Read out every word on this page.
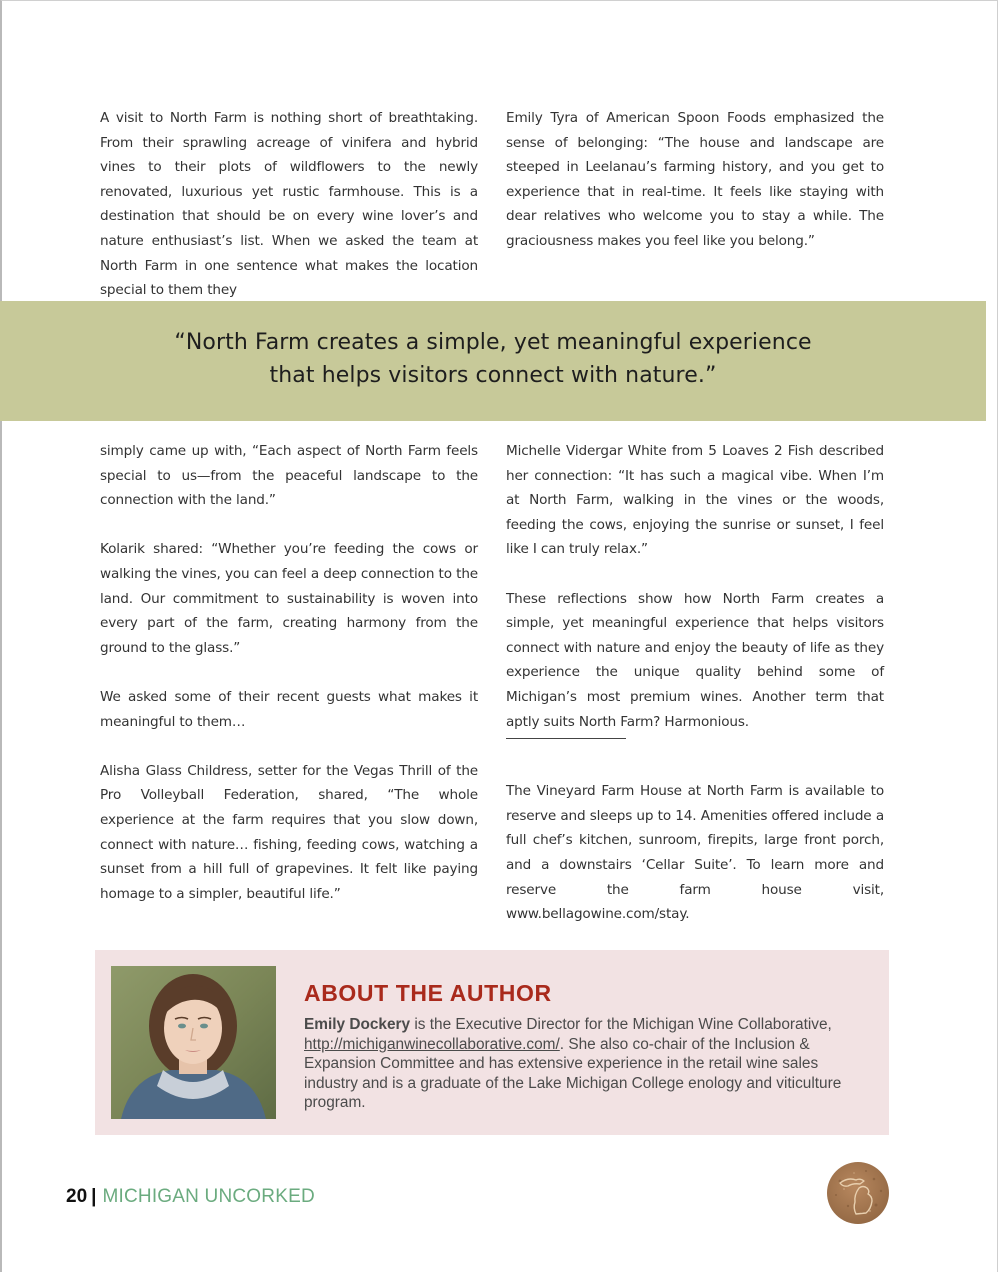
A visit to North Farm is nothing short of breathtaking. From their sprawling acreage of vinifera and hybrid vines to their plots of wildflowers to the newly renovated, luxurious yet rustic farmhouse. This is a destination that should be on every wine lover’s and nature enthusiast’s list. When we asked the team at North Farm in one sentence what makes the location special to them they

Emily Tyra of American Spoon Foods emphasized the sense of belonging: “The house and landscape are steeped in Leelanau’s farming history, and you get to experience that in real-time. It feels like staying with dear relatives who welcome you to stay a while. The graciousness makes you feel like you belong.”

“North Farm creates a simple, yet meaningful experience
that helps visitors connect with nature.”

simply came up with, “Each aspect of North Farm feels special to us—from the peaceful landscape to the connection with the land.”

Kolarik shared: “Whether you’re feeding the cows or walking the vines, you can feel a deep connection to the land. Our commitment to sustainability is woven into every part of the farm, creating harmony from the ground to the glass.”

We asked some of their recent guests what makes it meaningful to them…

Alisha Glass Childress, setter for the Vegas Thrill of the Pro Volleyball Federation, shared, “The whole experience at the farm requires that you slow down, connect with nature… fishing, feeding cows, watching a sunset from a hill full of grapevines. It felt like paying homage to a simpler, beautiful life.”

Michelle Vidergar White from 5 Loaves 2 Fish described her connection: “It has such a magical vibe. When I’m at North Farm, walking in the vines or the woods, feeding the cows, enjoying the sunrise or sunset, I feel like I can truly relax.”

These reflections show how North Farm creates a simple, yet meaningful experience that helps visitors connect with nature and enjoy the beauty of life as they experience the unique quality behind some of Michigan’s most premium wines. Another term that aptly suits North Farm? Harmonious.

The Vineyard Farm House at North Farm is available to reserve and sleeps up to 14. Amenities offered include a full chef’s kitchen, sunroom, firepits, large front porch, and a downstairs ‘Cellar Suite’. To learn more and reserve the farm house visit, www.bellagowine.com/stay.

ABOUT THE AUTHOR
Emily Dockery is the Executive Director for the Michigan Wine Collaborative, http://michiganwinecollaborative.com/. She also co-chair of the Inclusion & Expansion Committee and has extensive experience in the retail wine sales industry and is a graduate of the Lake Michigan College enology and viticulture program.
20 | MICHIGAN UNCORKED
